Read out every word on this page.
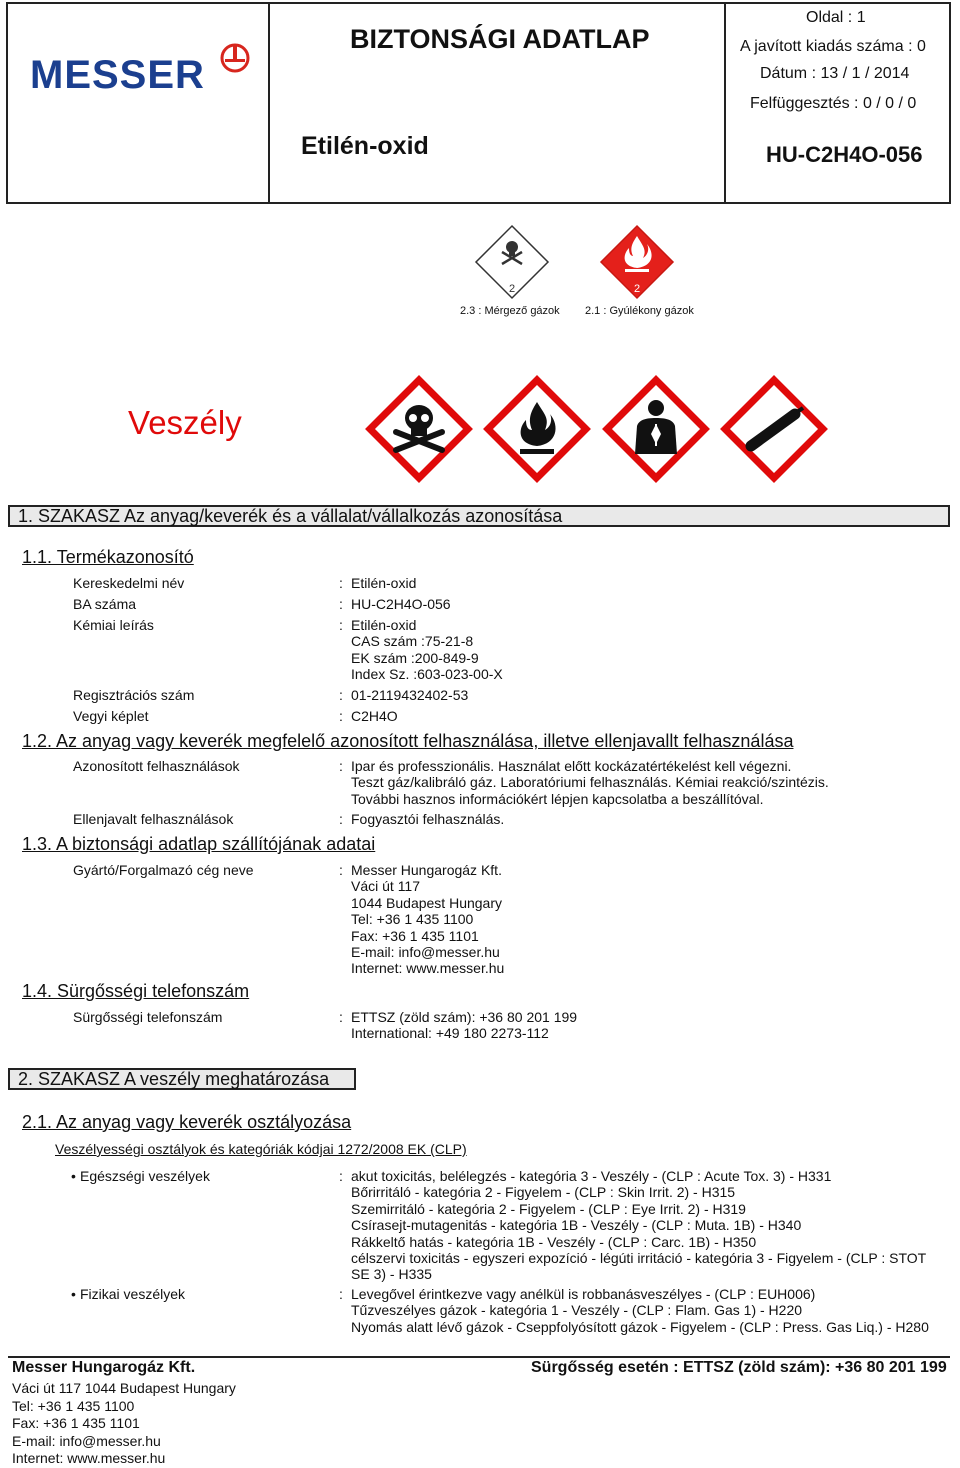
MESSER
BIZTONSÁGI ADATLAP
Etilén-oxid
Oldal : 1
A javított kiadás száma : 0
Dátum : 13 / 1 / 2014
Felfüggesztés : 0 / 0 / 0
HU-C2H4O-056
2
2.3 : Mérgező gázok
2
2.1 : Gyúlékony gázok
Veszély
1. SZAKASZ Az anyag/keverék és a vállalat/vállalkozás azonosítása
1.1. Termékazonosító
Kereskedelmi név	: Etilén-oxid
BA száma	: HU-C2H4O-056
Kémiai leírás	: Etilén-oxid
CAS szám :75-21-8
EK szám :200-849-9
Index Sz. :603-023-00-X
Regisztrációs szám	: 01-2119432402-53
Vegyi képlet	: C2H4O
1.2. Az anyag vagy keverék megfelelő azonosított felhasználása, illetve ellenjavallt felhasználása
Azonosított felhasználások	: Ipar és professzionális. Használat előtt kockázatértékelést kell végezni.
Teszt gáz/kalibráló gáz. Laboratóriumi felhasználás. Kémiai reakció/szintézis.
További hasznos információkért lépjen kapcsolatba a beszállítóval.
Ellenjavalt felhasználások	: Fogyasztói felhasználás.
1.3. A biztonsági adatlap szállítójának adatai
Gyártó/Forgalmazó cég neve	: Messer Hungarogáz Kft.
Váci út 117
1044 Budapest Hungary
Tel: +36 1 435 1100
Fax: +36 1 435 1101
E-mail: info@messer.hu
Internet: www.messer.hu
1.4. Sürgősségi telefonszám
Sürgősségi telefonszám	: ETTSZ (zöld szám): +36 80 201 199
International: +49 180 2273-112
2. SZAKASZ A veszély meghatározása
2.1. Az anyag vagy keverék osztályozása
Veszélyességi osztályok és kategóriák kódjai 1272/2008 EK (CLP)
• Egészségi veszélyek	: akut toxicitás, belélegzés - kategória 3 - Veszély - (CLP : Acute Tox. 3) - H331
Bőrirritáló - kategória 2 - Figyelem - (CLP : Skin Irrit. 2) - H315
Szemirritáló - kategória 2 - Figyelem - (CLP : Eye Irrit. 2) - H319
Csírasejt-mutagenitás - kategória 1B - Veszély - (CLP : Muta. 1B) - H340
Rákkeltő hatás - kategória 1B - Veszély - (CLP : Carc. 1B) - H350
célszervi toxicitás - egyszeri expozíció - légúti irritáció - kategória 3 - Figyelem - (CLP : STOT
SE 3) - H335
• Fizikai veszélyek	: Levegővel érintkezve vagy anélkül is robbanásveszélyes - (CLP : EUH006)
Tűzveszélyes gázok - kategória 1 - Veszély - (CLP : Flam. Gas 1) - H220
Nyomás alatt lévő gázok - Cseppfolyósított gázok - Figyelem - (CLP : Press. Gas Liq.) - H280
Messer Hungarogáz Kft.	Sürgősség esetén : ETTSZ (zöld szám): +36 80 201 199
Váci út 117 1044 Budapest Hungary
Tel: +36 1 435 1100
Fax: +36 1 435 1101
E-mail: info@messer.hu
Internet: www.messer.hu
